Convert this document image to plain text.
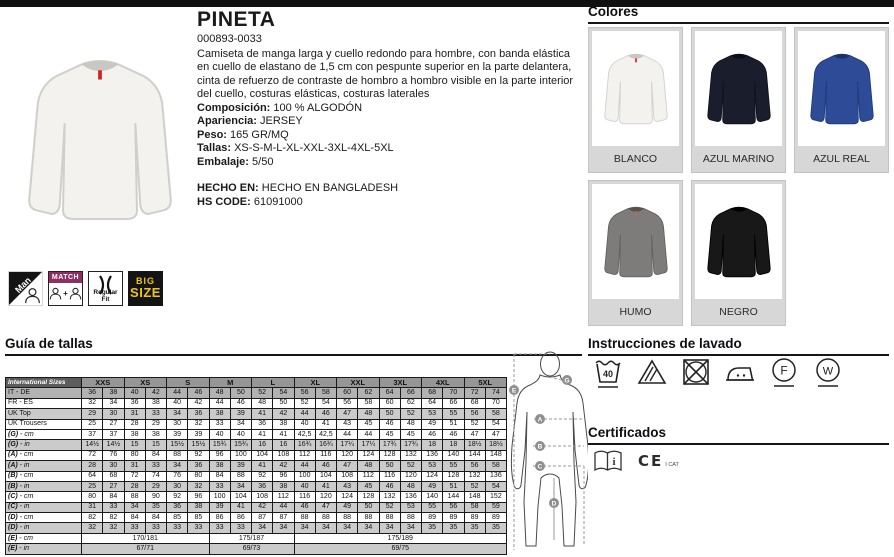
PINETA
000893-0033
Camiseta de manga larga y cuello redondo para hombre, con banda elástica en cuello de elastano de 1,5 cm con pespunte superior en la parte delantera, cinta de refuerzo de contraste de hombro a hombro visible en la parte interior del cuello, costuras elásticas, costuras laterales
Composición: 100 % ALGODÓN
Apariencia: JERSEY
Peso: 165 GR/MQ
Tallas: XS-S-M-L-XL-XXL-3XL-4XL-5XL
Embalaje: 5/50
HECHO EN: HECHO EN BANGLADESH
HS CODE: 61091000
Man	MATCH
+	Regular Fit
BIG
SIZE
Guía de tallas
Colores
Instrucciones de lavado
Certificados
BLANCO	AZUL MARINO	AZUL REAL
HUMO	NEGRO
International Sizes	XXS		XS		S		M		L		XL		XXL		3XL		4XL		5XL	
IT - DE	36	38	40	42	44	46	48	50	52	54	56	58	60	62	64	66	68	70	72	74
FR - ES	32	34	36	38	40	42	44	46	48	50	52	54	56	58	60	62	64	66	68	70
UK Top	29	30	31	33	34	36	38	39	41	42	44	46	47	48	50	52	53	55	56	58
UK Trousers	25	27	28	29	30	32	33	34	36	38	40	41	43	45	46	48	49	51	52	54
(G) - cm	37	37	38	38	39	39	40	40	41	41	42,5	42,5	44	44	45	45	46	46	47	47
(G) - in	14½	14½	15	15	15½	15½	15¾	15¾	16	16	16¾	16¾	17¼	17¼	17¾	17¾	18	18	18½	18½
(A) - cm	72	76	80	84	88	92	96	100	104	108	112	116	120	124	128	132	136	140	144	148
(A) - in	28	30	31	33	34	36	38	39	41	42	44	46	47	48	50	52	53	55	56	58
(B) - cm	64	68	72	74	76	80	84	88	92	96	100	104	108	112	116	120	124	128	132	136
(B) - in	25	27	28	29	30	32	33	34	36	38	40	41	43	45	46	48	49	51	52	54
(C) - cm	80	84	88	90	92	96	100	104	108	112	116	120	124	128	132	136	140	144	148	152
(C) - in	31	33	34	35	36	38	39	41	42	44	46	47	49	50	52	53	55	56	58	59
(D) - cm	82	82	84	84	85	85	86	86	87	87	88	88	88	88	88	88	89	89	89	89
(D) - in	32	32	33	33	33	33	33	33	34	34	34	34	34	34	34	34	35	35	35	35
(E) - cm	170/181						175/187				175/189									
(E) - in	67/71						69/73				69/75									
E
G
A
B
C
D
40	F	W
i CE I CAT
